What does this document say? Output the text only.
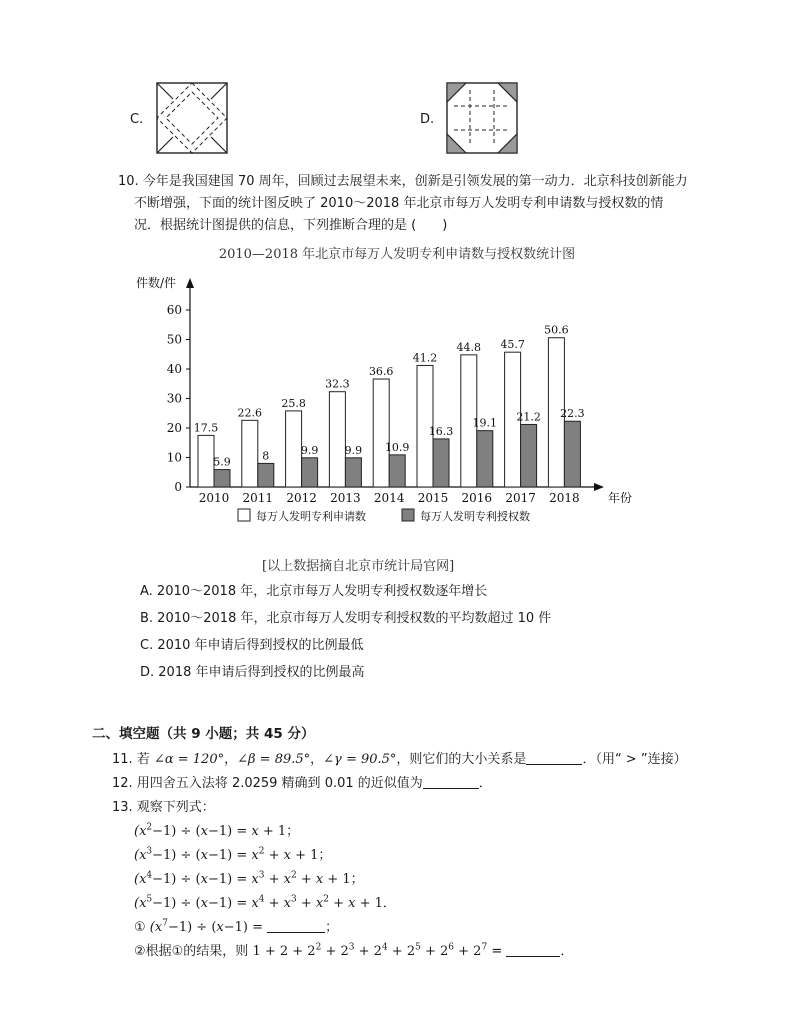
C.	D.
10. 今年是我国建国 70 周年，回顾过去展望未来，创新是引领发展的第一动力．北京科技创新能力
不断增强，下面的统计图反映了 2010～2018 年北京市每万人发明专利申请数与授权数的情
况．根据统计图提供的信息，下列推断合理的是 (　　)
2010—2018 年北京市每万人发明专利申请数与授权数统计图
件数/件
年份
0
10
20
30
40
50
60
17.5
5.9
2010
22.6
8
2011
25.8
9.9
2012
32.3
9.9
2013
36.6
10.9
2014
41.2
16.3
2015
44.8
19.1
2016
45.7
21.2
2017
50.6
22.3
2018
每万人发明专利申请数	每万人发明专利授权数
[以上数据摘自北京市统计局官网]
A. 2010～2018 年，北京市每万人发明专利授权数逐年增长
B. 2010～2018 年，北京市每万人发明专利授权数的平均数超过 10 件
C. 2010 年申请后得到授权的比例最低
D. 2018 年申请后得到授权的比例最高
二、填空题（共 9 小题；共 45 分）
11. 若 ∠α = 120°，∠β = 89.5°，∠γ = 90.5°，则它们的大小关系是	．（用“ > ”连接）
12. 用四舍五入法将 2.0259 精确到 0.01 的近似值为	．
13. 观察下列式：
$(x^2-1) \div (x-1) = x + 1$；
$(x^3-1) \div (x-1) = x^2 + x + 1$；
$(x^4-1) \div (x-1) = x^3 + x^2 + x + 1$；
$(x^5-1) \div (x-1) = x^4 + x^3 + x^2 + x + 1$．
① $(x^7-1) \div (x-1)$ =	；
②根据①的结果，则 $1 + 2 + 2^2 + 2^3 + 2^4 + 2^5 + 2^6 + 2^7$ =	．
